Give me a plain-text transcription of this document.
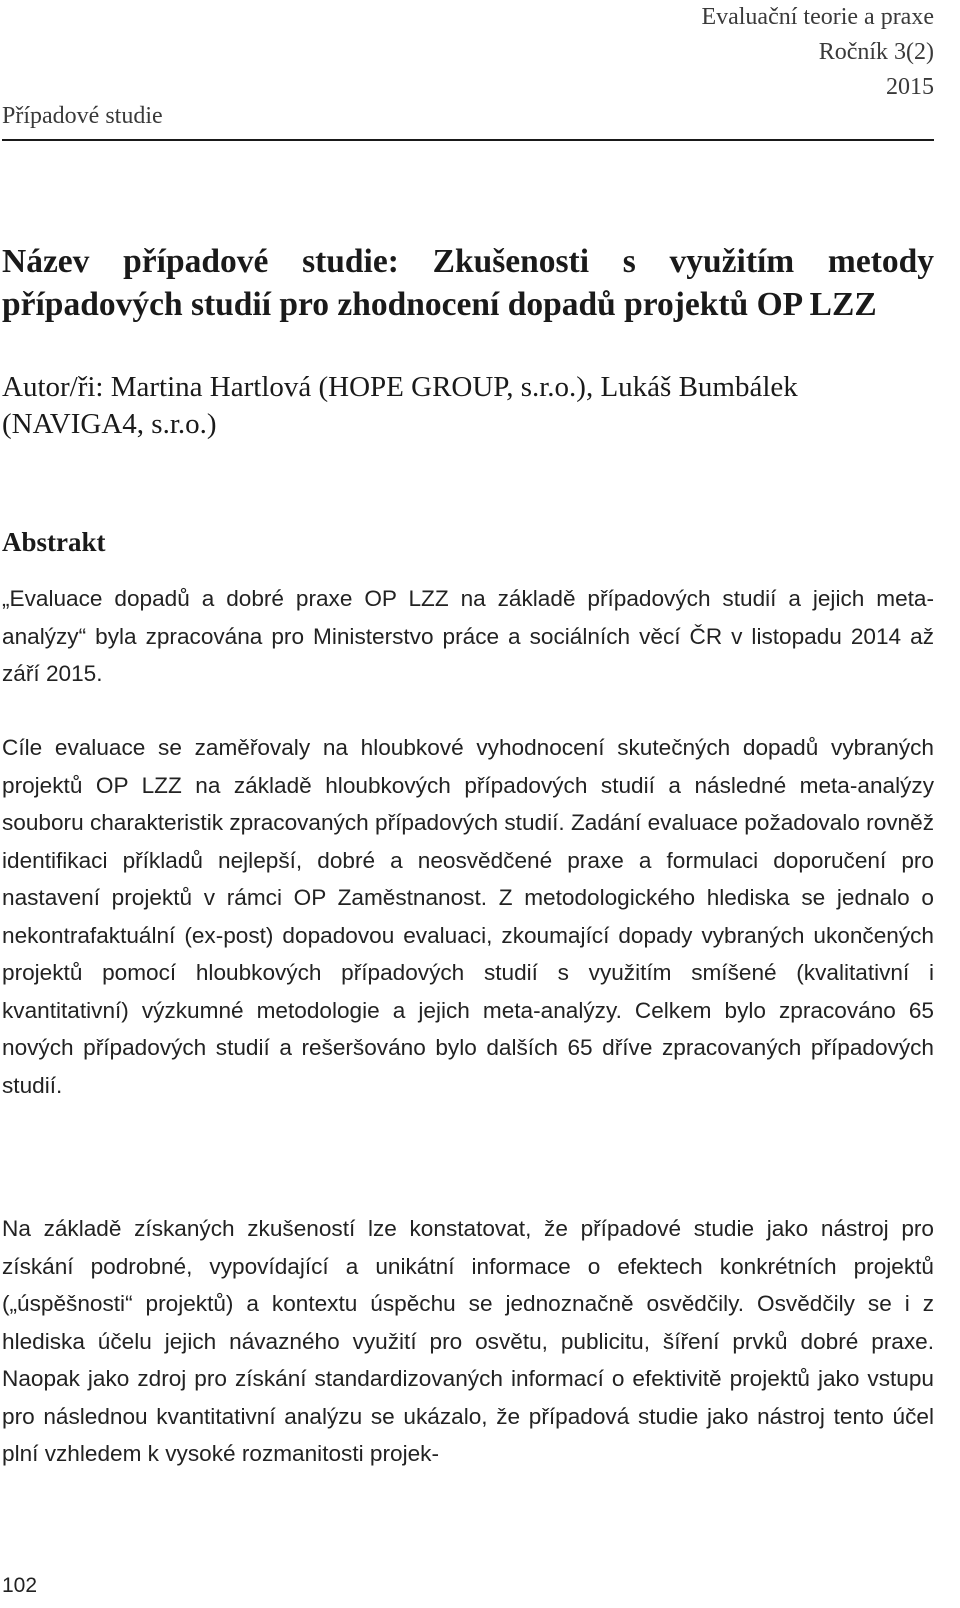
Evaluační teorie a praxe
Ročník 3(2)
2015
Případové studie
Název případové studie: Zkušenosti s využitím metody případových studií pro zhodnocení dopadů projektů OP LZZ

Autor/ři: Martina Hartlová (HOPE GROUP, s.r.o.), Lukáš Bumbálek (NAVIGA4, s.r.o.)

Abstrakt

„Evaluace dopadů a dobré praxe OP LZZ na základě případových studií a jejich meta-analýzy“ byla zpracována pro Ministerstvo práce a sociálních věcí ČR v listopadu 2014 až září 2015.

Cíle evaluace se zaměřovaly na hloubkové vyhodnocení skutečných dopadů vybraných projektů OP LZZ na základě hloubkových případových studií a následné meta-analýzy souboru charakteristik zpracovaných případových studií. Zadání evaluace požadovalo rovněž identifikaci příkladů nejlepší, dobré a neosvědčené praxe a formulaci doporučení pro nastavení projektů v rámci OP Zaměstnanost. Z metodologického hlediska se jednalo o nekontrafaktuální (ex-post) dopadovou evaluaci, zkoumající dopady vybraných ukončených projektů pomocí hloubkových případových studií s využitím smíšené (kvalitativní i kvantitativní) výzkumné metodologie a jejich meta-analýzy. Celkem bylo zpracováno 65 nových případových studií a rešeršováno bylo dalších 65 dříve zpracovaných případových studií.

Na základě získaných zkušeností lze konstatovat, že případové studie jako nástroj pro získání podrobné, vypovídající a unikátní informace o efektech konkrétních projektů („úspěšnosti“ projektů) a kontextu úspěchu se jednoznačně osvědčily. Osvědčily se i z hlediska účelu jejich návazného využití pro osvětu, publicitu, šíření prvků dobré praxe. Naopak jako zdroj pro získání standardizovaných informací o efektivitě projektů jako vstupu pro následnou kvantitativní analýzu se ukázalo, že případová studie jako nástroj tento účel plní vzhledem k vysoké rozmanitosti projek-

102
